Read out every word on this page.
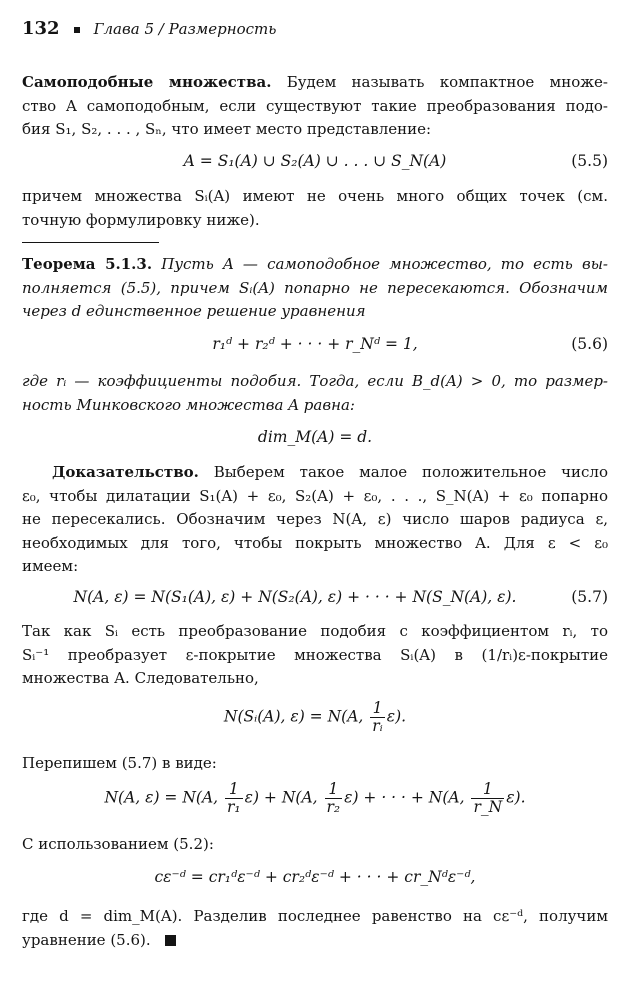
132 Глава 5 / Размерность
Самоподобные множества. Будем называть компактное множе-
ство A самоподобным, если существуют такие преобразования подо-
бия S₁, S₂, . . . , Sₙ, что имеет место представление:
A = S₁(A) ∪ S₂(A) ∪ . . . ∪ S_N(A)	(5.5)
причем множества Sᵢ(A) имеют не очень много общих точек (см.
точную формулировку ниже).
Теорема 5.1.3. Пусть A — самоподобное множество, то есть вы-
полняется (5.5), причем Sᵢ(A) попарно не пересекаются. Обозначим
через d единственное решение уравнения
r₁ᵈ + r₂ᵈ + · · · + r_Nᵈ = 1,	(5.6)
где rᵢ — коэффициенты подобия. Тогда, если B_d(A) > 0, то размер-
ность Минковского множества A равна:
dim_M(A) = d.
Доказательство. Выберем такое малое положительное число
ε₀, чтобы дилатации S₁(A) + ε₀, S₂(A) + ε₀, . . ., S_N(A) + ε₀ попарно
не пересекались. Обозначим через N(A, ε) число шаров радиуса ε,
необходимых для того, чтобы покрыть множество A. Для ε < ε₀
имеем:
N(A, ε) = N(S₁(A), ε) + N(S₂(A), ε) + · · · + N(S_N(A), ε).	(5.7)
Так как Sᵢ есть преобразование подобия с коэффициентом rᵢ, то
Sᵢ⁻¹ преобразует ε-покрытие множества Sᵢ(A) в (1/rᵢ)ε-покрытие
множества A. Следовательно,
N(Sᵢ(A), ε) = N(A, $\frac{1}{\text{rᵢ}} \varepsilon$).
Перепишем (5.7) в виде:
N(A, ε) = N(A, $\frac{1}{\text{r₁}} \varepsilon) + N(A$, $\frac{1}{\text{r₂}} \varepsilon$) + · · · + N(A, $\frac{1}{r\_N} \varepsilon$).
С использованием (5.2):
cε⁻ᵈ = cr₁ᵈε⁻ᵈ + cr₂ᵈε⁻ᵈ + · · · + cr_Nᵈε⁻ᵈ,
где d = dim_M(A). Разделив последнее равенство на cε⁻ᵈ, получим
уравнение (5.6).
